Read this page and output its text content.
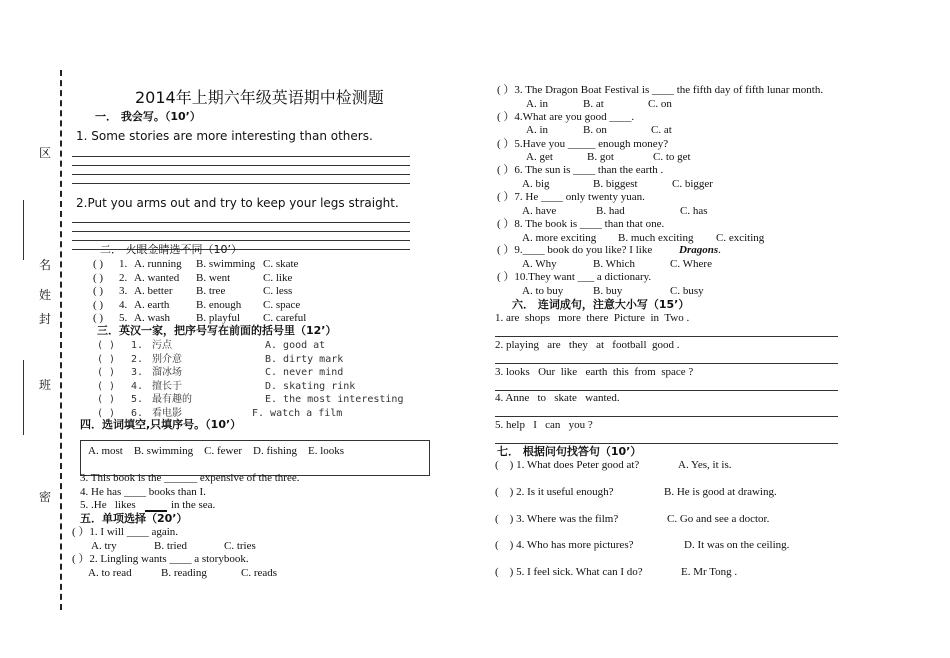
区
名
姓
封
班
密
2014年上期六年级英语期中检测题
一． 我会写。（10’）
1. Some stories are more interesting than others.
2.Put you arms out and try to keep your legs straight.
二． 火眼金睛选不同（10’）
( ) 1. A. running B. swimming C. skate
( ) 2. A. wanted B. went	C. like
( ) 3. A. better B. tree	C. less
( ) 4. A. earth B. enough C. space
( ) 5. A. wash B. playful C. careful
三．英汉一家，把序号写在前面的括号里（12’）
( ) 1. 污点	A. good at
( ) 2. 别介意	B. dirty mark
( ) 3. 溜冰场	C. never mind
( ) 4. 擅长于	D. skating rink
( ) 5. 最有趣的	E. the most interesting
( ) 6. 看电影	F. watch a film
四．选词填空,只填序号。（10’）
A. most    B. swimming    C. fewer    D. fishing    E. looks
3. This book is the ______ expensive of the three.
4. He has ____ books than I.
5. .He   likes	in the sea.
五．单项选择（20’）
( ）1. I will ____ again.
A. try	B. tried	C. tries
( ）2. Lingling wants ____ a storybook.
A. to read	B. reading	C. reads
( ）3. The Dragon Boat Festival is ____ the fifth day of fifth lunar month.
A. in	B. at	C. on
( ）4.What are you good ____.
A. in	B. on	C. at
( ）5.Have you _____ enough money?
A. get	B. got	C. to get
( ）6. The sun is ____ than the earth .
A. big	B. biggest	C. bigger
( ）7. He ____ only twenty yuan.
A. have	B. had	C. has
( ）8. The book is ____ than that one.
A. more exciting B. much exciting C. exciting
( ）9.____ book do you like? I like Dragons.
A. Why	B. Which	C. Where
( ）10.They want ___ a dictionary.
A. to buy	B. buy	C. busy
六． 连词成句，注意大小写（15’）
1. are  shops   more  there  Picture  in  Two .
2. playing   are   they   at   football  good .
3. looks   Our  like   earth  this  from  space ?
4. Anne   to   skate   wanted.
5. help   I   can   you ?
七． 根据问句找答句（10’）
(    ) 1. What does Peter good at?	A. Yes, it is.
(    ) 2. Is it useful enough?	B. He is good at drawing.
(    ) 3. Where was the film?	C. Go and see a doctor.
(    ) 4. Who has more pictures?	D. It was on the ceiling.
(    ) 5. I feel sick. What can I do?	E. Mr Tong .
